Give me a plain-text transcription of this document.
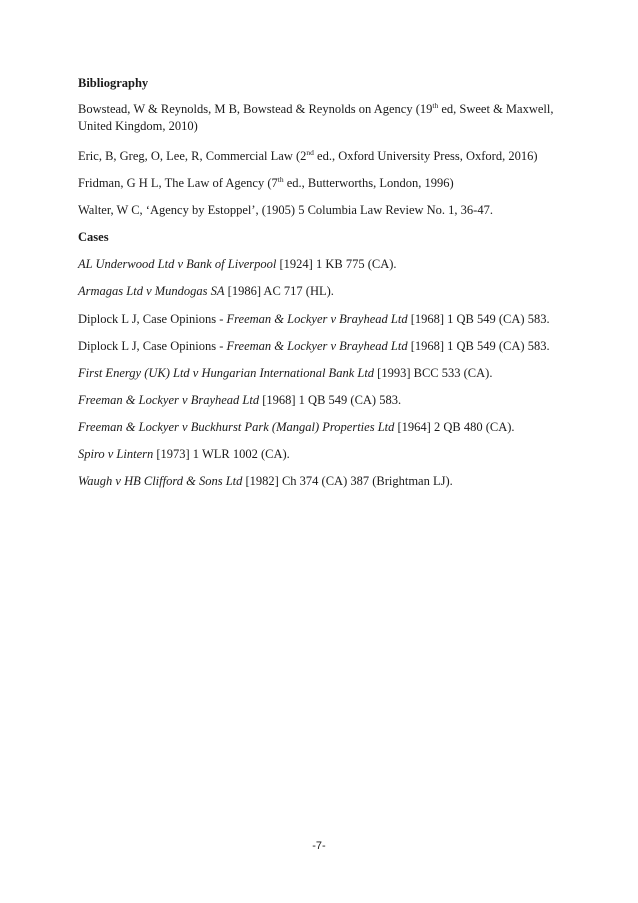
Bibliography
Bowstead, W & Reynolds, M B, Bowstead & Reynolds on Agency (19th ed, Sweet & Maxwell, United Kingdom, 2010)
Eric, B, Greg, O, Lee, R, Commercial Law (2nd ed., Oxford University Press, Oxford, 2016)
Fridman, G H L, The Law of Agency (7th ed., Butterworths, London, 1996)
Walter, W C, ‘Agency by Estoppel’, (1905) 5 Columbia Law Review No. 1, 36-47.
Cases
AL Underwood Ltd v Bank of Liverpool [1924] 1 KB 775 (CA).
Armagas Ltd v Mundogas SA [1986] AC 717 (HL).
Diplock L J, Case Opinions - Freeman & Lockyer v Brayhead Ltd [1968] 1 QB 549 (CA) 583.
Diplock L J, Case Opinions - Freeman & Lockyer v Brayhead Ltd [1968] 1 QB 549 (CA) 583.
First Energy (UK) Ltd v Hungarian International Bank Ltd [1993] BCC 533 (CA).
Freeman & Lockyer v Brayhead Ltd [1968] 1 QB 549 (CA) 583.
Freeman & Lockyer v Buckhurst Park (Mangal) Properties Ltd [1964] 2 QB 480 (CA).
Spiro v Lintern [1973] 1 WLR 1002 (CA).
Waugh v HB Clifford & Sons Ltd [1982] Ch 374 (CA) 387 (Brightman LJ).
-7-
